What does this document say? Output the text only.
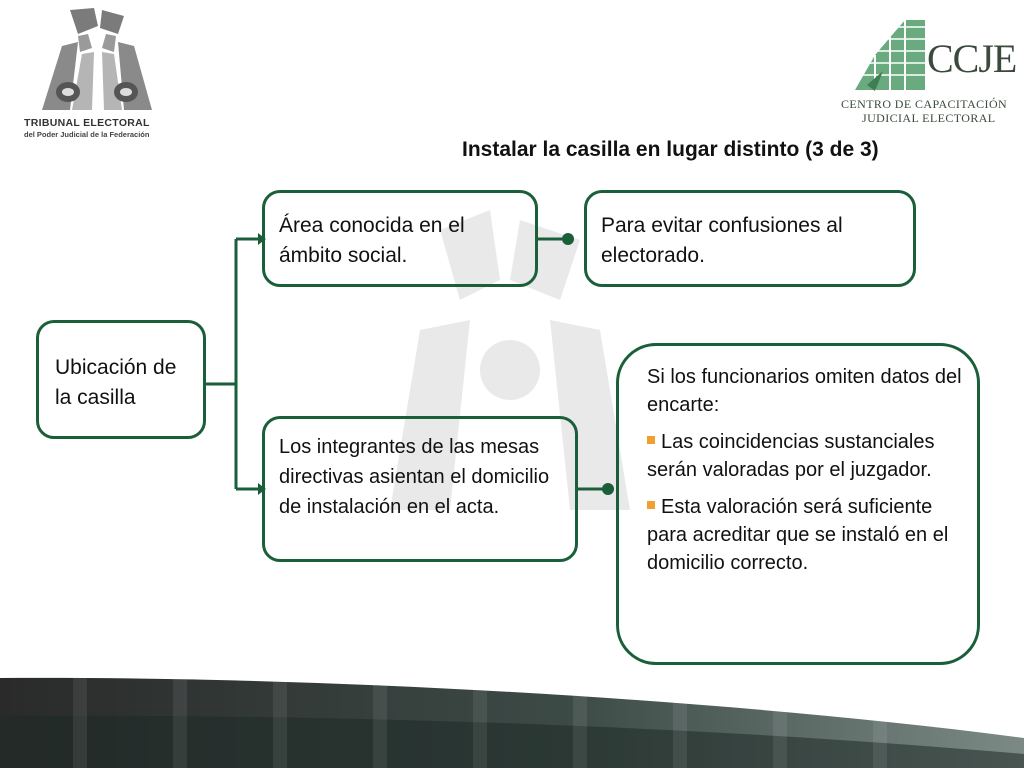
TRIBUNAL ELECTORAL
del Poder Judicial de la Federación
CCJE
CENTRO DE CAPACITACIÓN
JUDICIAL ELECTORAL
Instalar la casilla en lugar distinto (3 de 3)

Ubicación de la casilla

Área conocida en el ámbito social.

Para evitar confusiones al electorado.

Los integrantes de las mesas directivas asientan el domicilio de instalación en el acta.

Si los funcionarios omiten datos del encarte:

Las coincidencias sustanciales serán valoradas por el juzgador.

Esta valoración será suficiente para acreditar que se instaló en el domicilio correcto.
